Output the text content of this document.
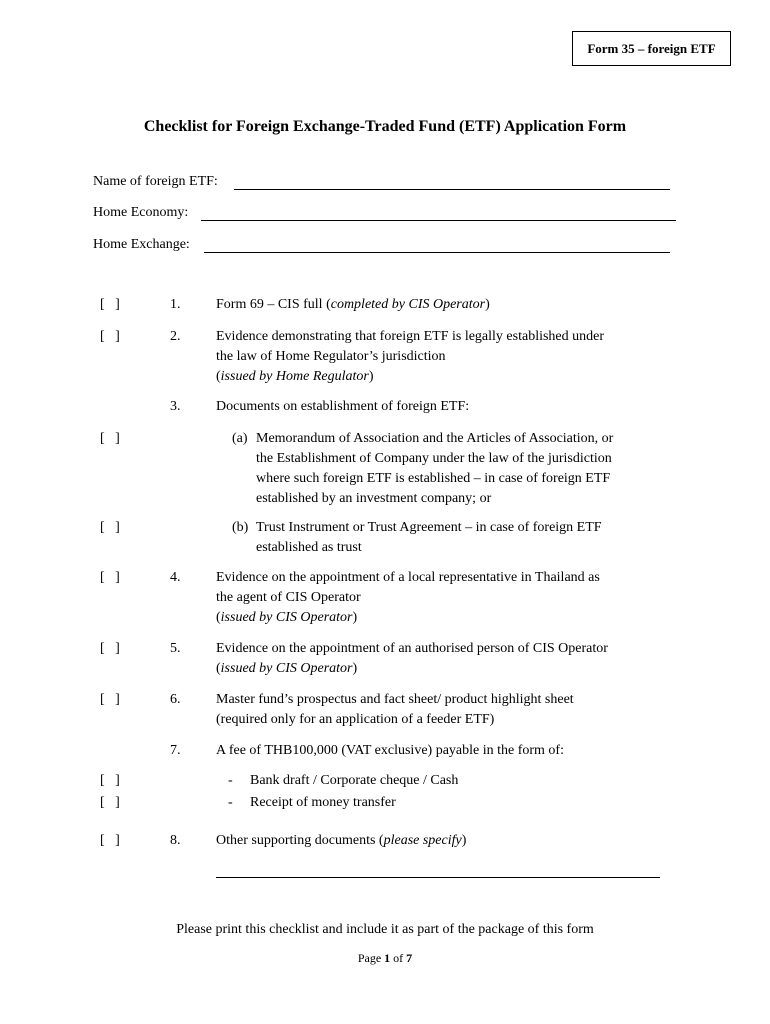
Form 35 – foreign ETF
Checklist for Foreign Exchange-Traded Fund (ETF) Application Form
Name of foreign ETF:
Home Economy:
Home Exchange:
[   ]	1.	Form 69 – CIS full (completed by CIS Operator)
[   ]	2.	Evidence demonstrating that foreign ETF is legally established under
the law of Home Regulator’s jurisdiction
(issued by Home Regulator)
3.	Documents on establishment of foreign ETF:
[   ]	(a) Memorandum of Association and the Articles of Association, or
the Establishment of Company under the law of the jurisdiction
where such foreign ETF is established – in case of foreign ETF
established by an investment company; or
[   ]	(b) Trust Instrument or Trust Agreement – in case of foreign ETF
established as trust
[   ]	4.	Evidence on the appointment of a local representative in Thailand as
the agent of CIS Operator
(issued by CIS Operator)
[   ]	5.	Evidence on the appointment of an authorised person of CIS Operator
(issued by CIS Operator)
[   ]	6.	Master fund’s prospectus and fact sheet/ product highlight sheet
(required only for an application of a feeder ETF)
7.	A fee of THB100,000 (VAT exclusive) payable in the form of:
[   ]	- Bank draft / Corporate cheque / Cash
[   ]	- Receipt of money transfer
[   ]	8.	Other supporting documents (please specify)
Please print this checklist and include it as part of the package of this form
Page 1 of 7
